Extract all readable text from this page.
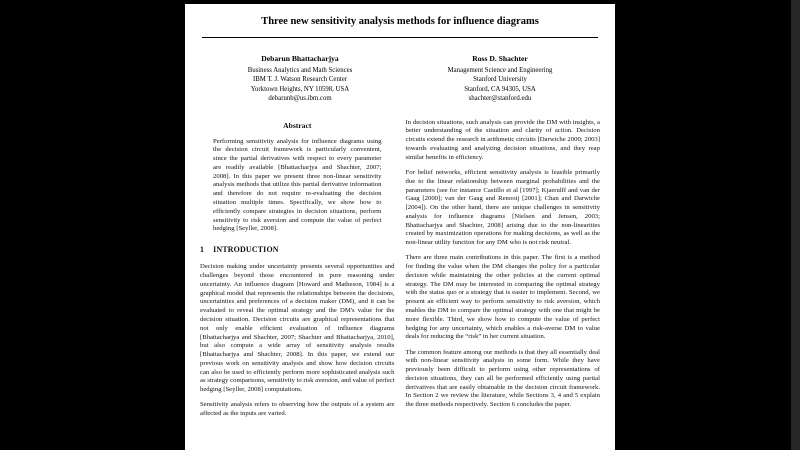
Three new sensitivity analysis methods for influence diagrams
Debarun Bhattacharjya
Business Analytics and Math Sciences
IBM T. J. Watson Research Center
Yorktown Heights, NY 10598, USA
debarunb@us.ibm.com
Ross D. Shachter
Management Science and Engineering
Stanford University
Stanford, CA 94305, USA
shachter@stanford.edu
Abstract

Performing sensitivity analysis for influence diagrams using the decision circuit framework is particularly convenient, since the partial derivatives with respect to every parameter are readily available [Bhattacharjya and Shachter, 2007; 2008]. In this paper we present three non-linear sensitivity analysis methods that utilize this partial derivative information and therefore do not require re-evaluating the decision situation multiple times. Specifically, we show how to efficiently compare strategies in decision situations, perform sensitivity to risk aversion and compute the value of perfect hedging [Seyller, 2008].

1 INTRODUCTION

Decision making under uncertainty presents several opportunities and challenges beyond those encountered in pure reasoning under uncertainty. An influence diagram [Howard and Matheson, 1984] is a graphical model that represents the relationships between the decisions, uncertainties and preferences of a decision maker (DM), and it can be evaluated to reveal the optimal strategy and the DM's value for the decision situation. Decision circuits are graphical representations that not only enable efficient evaluation of influence diagrams [Bhattacharjya and Shachter, 2007; Shachter and Bhattacharjya, 2010], but also compute a wide array of sensitivity analysis results [Bhattacharjya and Shachter, 2008]. In this paper, we extend our previous work on sensitivity analysis and show how decision circuits can also be used to efficiently perform more sophisticated analysis such as strategy comparisons, sensitivity to risk aversion, and value of perfect hedging [Seyller, 2008] computations.

Sensitivity analysis refers to observing how the outputs of a system are affected as the inputs are varied.

In decision situations, such analysis can provide the DM with insights, a better understanding of the situation and clarity of action. Decision circuits extend the research in arithmetic circuits [Darwiche 2000; 2003] towards evaluating and analyzing decision situations, and they reap similar benefits in efficiency.

For belief networks, efficient sensitivity analysis is feasible primarily due to the linear relationship between marginal probabilities and the parameters (see for instance Castillo et al [1997]; Kjaerulff and van der Gaag [2000]; van der Gaag and Renooij [2001]; Chan and Darwiche [2004]). On the other hand, there are unique challenges in sensitivity analysis for influence diagrams [Nielsen and Jensen, 2003; Bhattacharjya and Shachter, 2008] arising due to the non-linearities created by maximization operations for making decisions, as well as the non-linear utility function for any DM who is not risk neutral.

There are three main contributions in this paper. The first is a method for finding the value when the DM changes the policy for a particular decision while maintaining the other policies at the current optimal strategy. The DM may be interested in comparing the optimal strategy with the status quo or a strategy that is easier to implement. Second, we present an efficient way to perform sensitivity to risk aversion, which enables the DM to compare the optimal strategy with one that might be more flexible. Third, we show how to compute the value of perfect hedging for any uncertainty, which enables a risk-averse DM to value deals for reducing the “risk” in her current situation.

The common feature among our methods is that they all essentially deal with non-linear sensitivity analysis in some form. While they have previously been difficult to perform using other representations of decision situations, they can all be performed efficiently using partial derivatives that are easily obtainable in the decision circuit framework. In Section 2 we review the literature, while Sections 3, 4 and 5 explain the three methods respectively. Section 6 concludes the paper.
